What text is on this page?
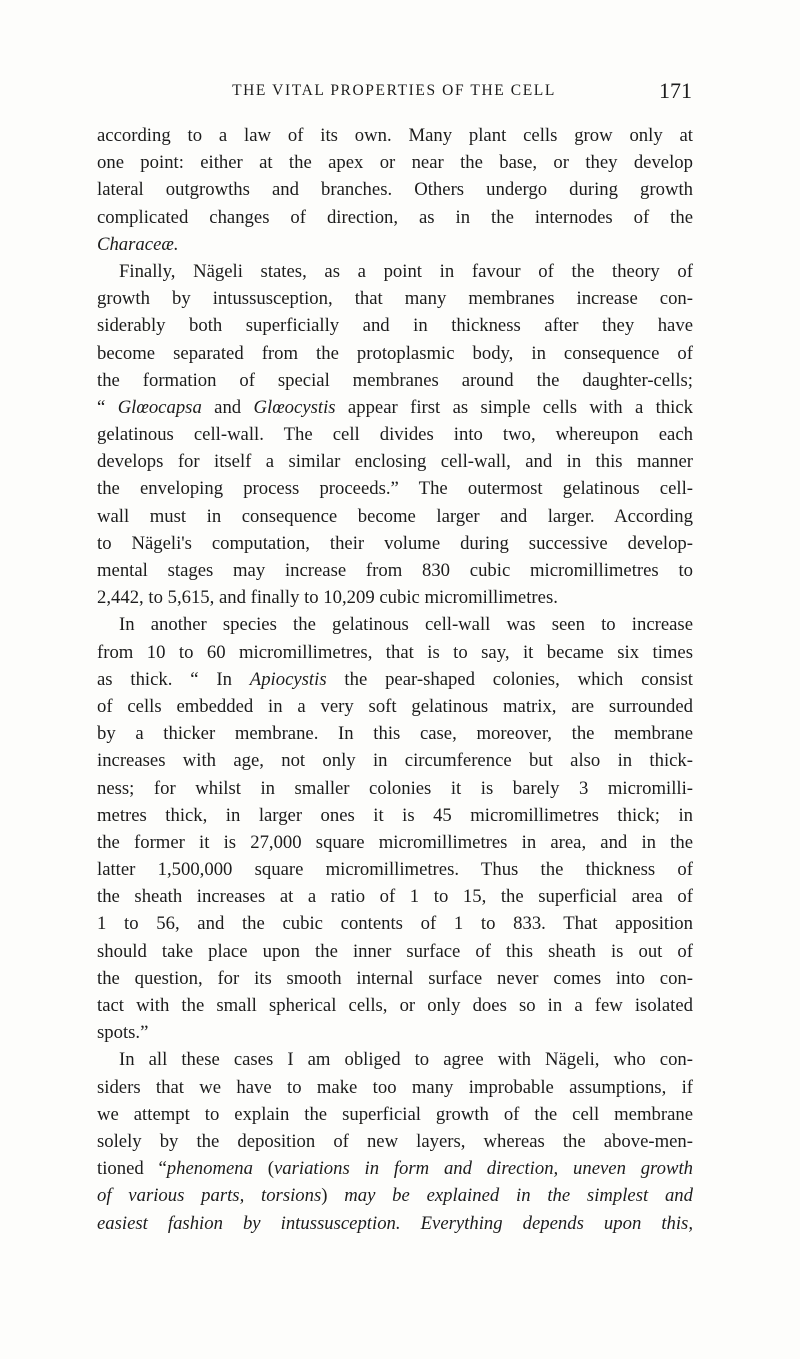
THE VITAL PROPERTIES OF THE CELL	171
according to a law of its own. Many plant cells grow only at
one point: either at the apex or near the base, or they develop
lateral outgrowths and branches. Others undergo during growth
complicated changes of direction, as in the internodes of the
Characeæ.
Finally, Nägeli states, as a point in favour of the theory of
growth by intussusception, that many membranes increase con-
siderably both superficially and in thickness after they have
become separated from the protoplasmic body, in consequence of
the formation of special membranes around the daughter-cells;
“ Glœocapsa and Glœocystis appear first as simple cells with a thick
gelatinous cell-wall. The cell divides into two, whereupon each
develops for itself a similar enclosing cell-wall, and in this manner
the enveloping process proceeds.” The outermost gelatinous cell-
wall must in consequence become larger and larger. According
to Nägeli's computation, their volume during successive develop-
mental stages may increase from 830 cubic micromillimetres to
2,442, to 5,615, and finally to 10,209 cubic micromillimetres.
In another species the gelatinous cell-wall was seen to increase
from 10 to 60 micromillimetres, that is to say, it became six times
as thick. “ In Apiocystis the pear-shaped colonies, which consist
of cells embedded in a very soft gelatinous matrix, are surrounded
by a thicker membrane. In this case, moreover, the membrane
increases with age, not only in circumference but also in thick-
ness; for whilst in smaller colonies it is barely 3 micromilli-
metres thick, in larger ones it is 45 micromillimetres thick; in
the former it is 27,000 square micromillimetres in area, and in the
latter 1,500,000 square micromillimetres. Thus the thickness of
the sheath increases at a ratio of 1 to 15, the superficial area of
1 to 56, and the cubic contents of 1 to 833. That apposition
should take place upon the inner surface of this sheath is out of
the question, for its smooth internal surface never comes into con-
tact with the small spherical cells, or only does so in a few isolated
spots.”
In all these cases I am obliged to agree with Nägeli, who con-
siders that we have to make too many improbable assumptions, if
we attempt to explain the superficial growth of the cell membrane
solely by the deposition of new layers, whereas the above-men-
tioned “phenomena (variations in form and direction, uneven growth
of various parts, torsions) may be explained in the simplest and
easiest fashion by intussusception. Everything depends upon this,
